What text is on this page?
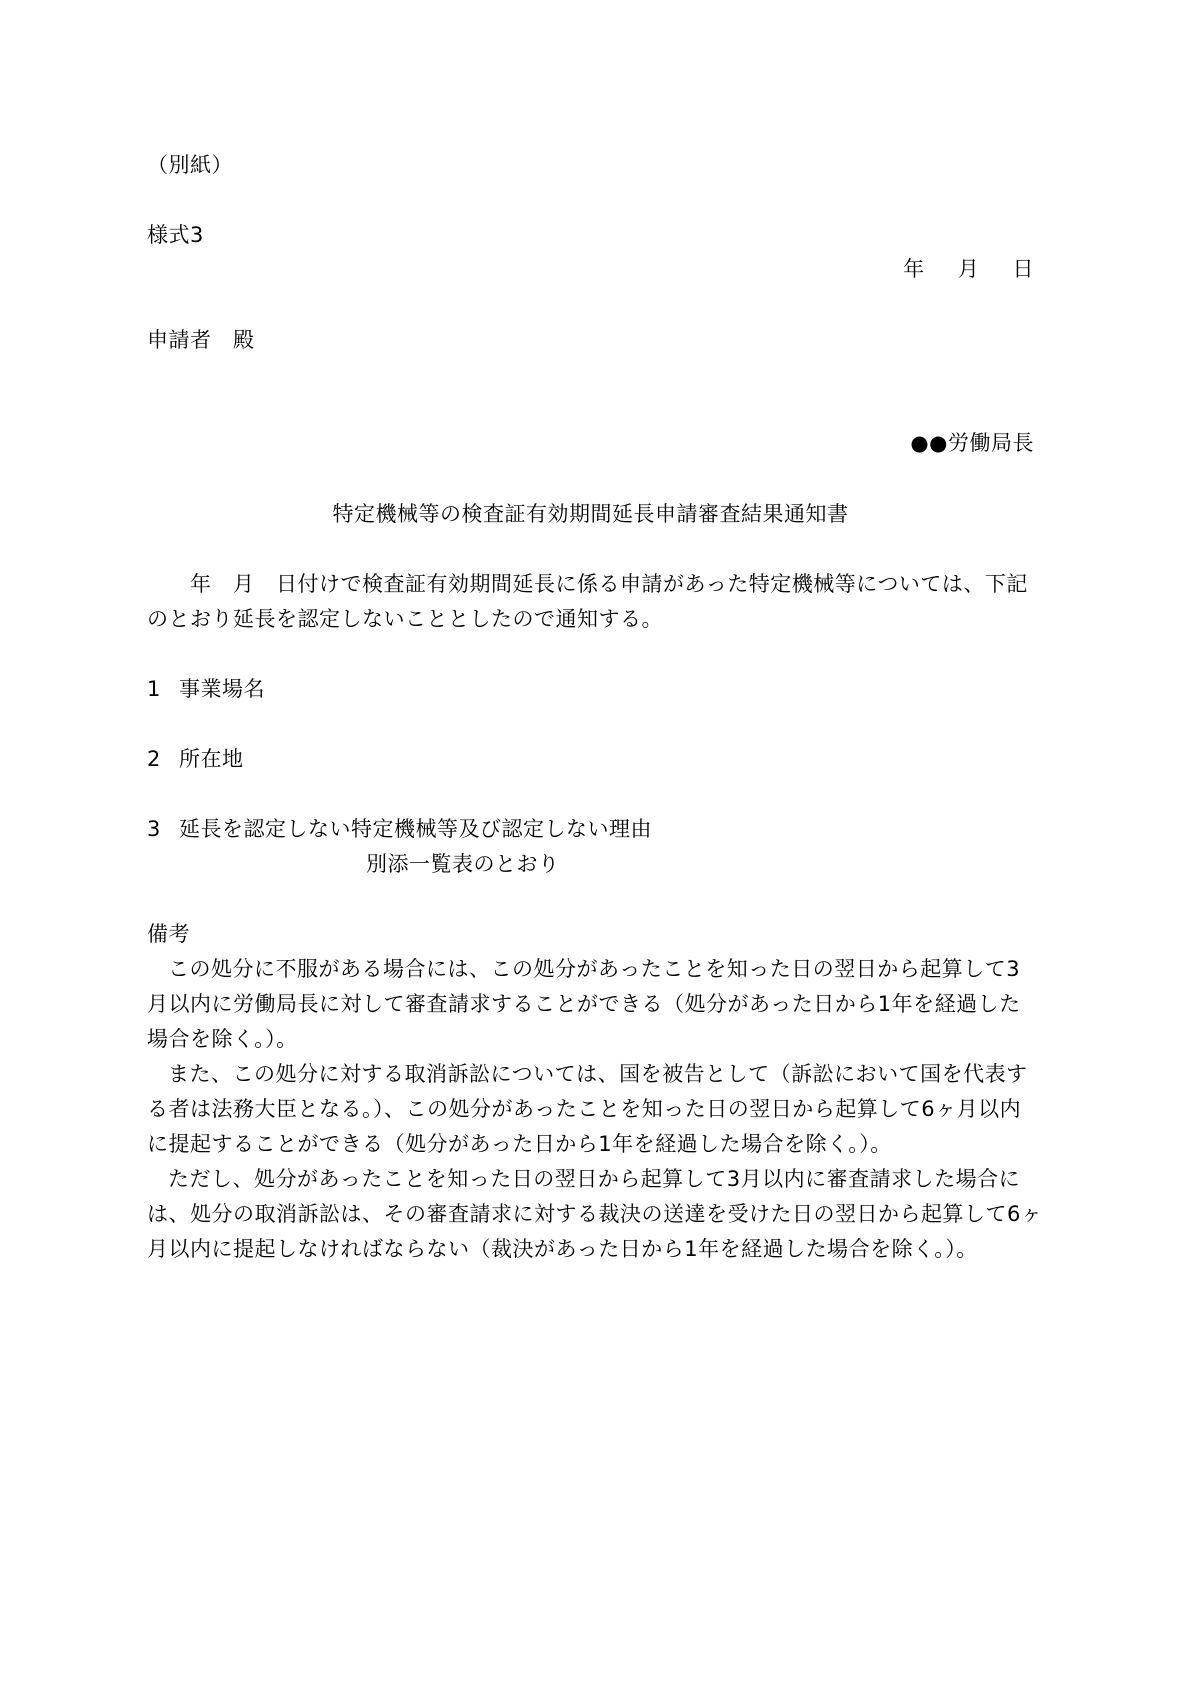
（別紙）
様式3
年 月 日
申請者　殿
●●労働局長
特定機械等の検査証有効期間延長申請審査結果通知書
　　年　月　日付けで検査証有効期間延長に係る申請があった特定機械等については、下記
のとおり延長を認定しないこととしたので通知する。
1 事業場名
2 所在地
3 延長を認定しない特定機械等及び認定しない理由
別添一覧表のとおり
備考
この処分に不服がある場合には、この処分があったことを知った日の翌日から起算して3
月以内に労働局長に対して審査請求することができる（処分があった日から1年を経過した
場合を除く。）。
また、この処分に対する取消訴訟については、国を被告として（訴訟において国を代表す
る者は法務大臣となる。）、この処分があったことを知った日の翌日から起算して6ヶ月以内
に提起することができる（処分があった日から1年を経過した場合を除く。）。
ただし、処分があったことを知った日の翌日から起算して3月以内に審査請求した場合に
は、処分の取消訴訟は、その審査請求に対する裁決の送達を受けた日の翌日から起算して6ヶ
月以内に提起しなければならない（裁決があった日から1年を経過した場合を除く。）。
